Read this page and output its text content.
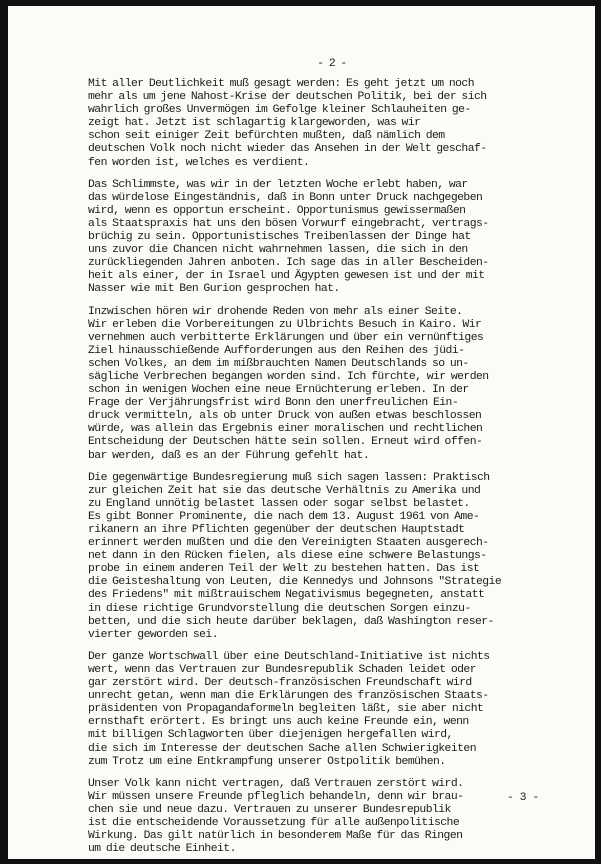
- 2 -
Mit aller Deutlichkeit muß gesagt werden: Es geht jetzt um noch
mehr als um jene Nahost-Krise der deutschen Politik, bei der sich
wahrlich großes Unvermögen im Gefolge kleiner Schlauheiten ge-
zeigt hat. Jetzt ist schlagartig klargeworden, was wir
schon seit einiger Zeit befürchten mußten, daß nämlich dem
deutschen Volk noch nicht wieder das Ansehen in der Welt geschaf-
fen worden ist, welches es verdient.
Das Schlimmste, was wir in der letzten Woche erlebt haben, war
das würdelose Eingeständnis, daß in Bonn unter Druck nachgegeben
wird, wenn es opportun erscheint. Opportunismus gewissermaßen
als Staatspraxis hat uns den bösen Vorwurf eingebracht, vertrags-
brüchig zu sein. Opportunistisches Treibenlassen der Dinge hat
uns zuvor die Chancen nicht wahrnehmen lassen, die sich in den
zurückliegenden Jahren anboten. Ich sage das in aller Bescheiden-
heit als einer, der in Israel und Ägypten gewesen ist und der mit
Nasser wie mit Ben Gurion gesprochen hat.
Inzwischen hören wir drohende Reden von mehr als einer Seite.
Wir erleben die Vorbereitungen zu Ulbrichts Besuch in Kairo. Wir
vernehmen auch verbitterte Erklärungen und über ein vernünftiges
Ziel hinausschießende Aufforderungen aus den Reihen des jüdi-
schen Volkes, an dem im mißbrauchten Namen Deutschlands so un-
sägliche Verbrechen begangen worden sind. Ich fürchte, wir werden
schon in wenigen Wochen eine neue Ernüchterung erleben. In der
Frage der Verjährungsfrist wird Bonn den unerfreulichen Ein-
druck vermitteln, als ob unter Druck von außen etwas beschlossen
würde, was allein das Ergebnis einer moralischen und rechtlichen
Entscheidung der Deutschen hätte sein sollen. Erneut wird offen-
bar werden, daß es an der Führung gefehlt hat.
Die gegenwärtige Bundesregierung muß sich sagen lassen: Praktisch
zur gleichen Zeit hat sie das deutsche Verhältnis zu Amerika und
zu England unnötig belastet lassen oder sogar selbst belastet.
Es gibt Bonner Prominente, die nach dem 13. August 1961 von Ame-
rikanern an ihre Pflichten gegenüber der deutschen Hauptstadt
erinnert werden mußten und die den Vereinigten Staaten ausgerech-
net dann in den Rücken fielen, als diese eine schwere Belastungs-
probe in einem anderen Teil der Welt zu bestehen hatten. Das ist
die Geisteshaltung von Leuten, die Kennedys und Johnsons "Strategie
des Friedens" mit mißtrauischem Negativismus begegneten, anstatt
in diese richtige Grundvorstellung die deutschen Sorgen einzu-
betten, und die sich heute darüber beklagen, daß Washington reser-
vierter geworden sei.
Der ganze Wortschwall über eine Deutschland-Initiative ist nichts
wert, wenn das Vertrauen zur Bundesrepublik Schaden leidet oder
gar zerstört wird. Der deutsch-französischen Freundschaft wird
unrecht getan, wenn man die Erklärungen des französischen Staats-
präsidenten von Propagandaformeln begleiten läßt, sie aber nicht
ernsthaft erörtert. Es bringt uns auch keine Freunde ein, wenn
mit billigen Schlagworten über diejenigen hergefallen wird,
die sich im Interesse der deutschen Sache allen Schwierigkeiten
zum Trotz um eine Entkrampfung unserer Ostpolitik bemühen.
Unser Volk kann nicht vertragen, daß Vertrauen zerstört wird.
Wir müssen unsere Freunde pfleglich behandeln, denn wir brau-
chen sie und neue dazu. Vertrauen zu unserer Bundesrepublik
ist die entscheidende Voraussetzung für alle außenpolitische
Wirkung. Das gilt natürlich in besonderem Maße für das Ringen
um die deutsche Einheit.
- 3 -
